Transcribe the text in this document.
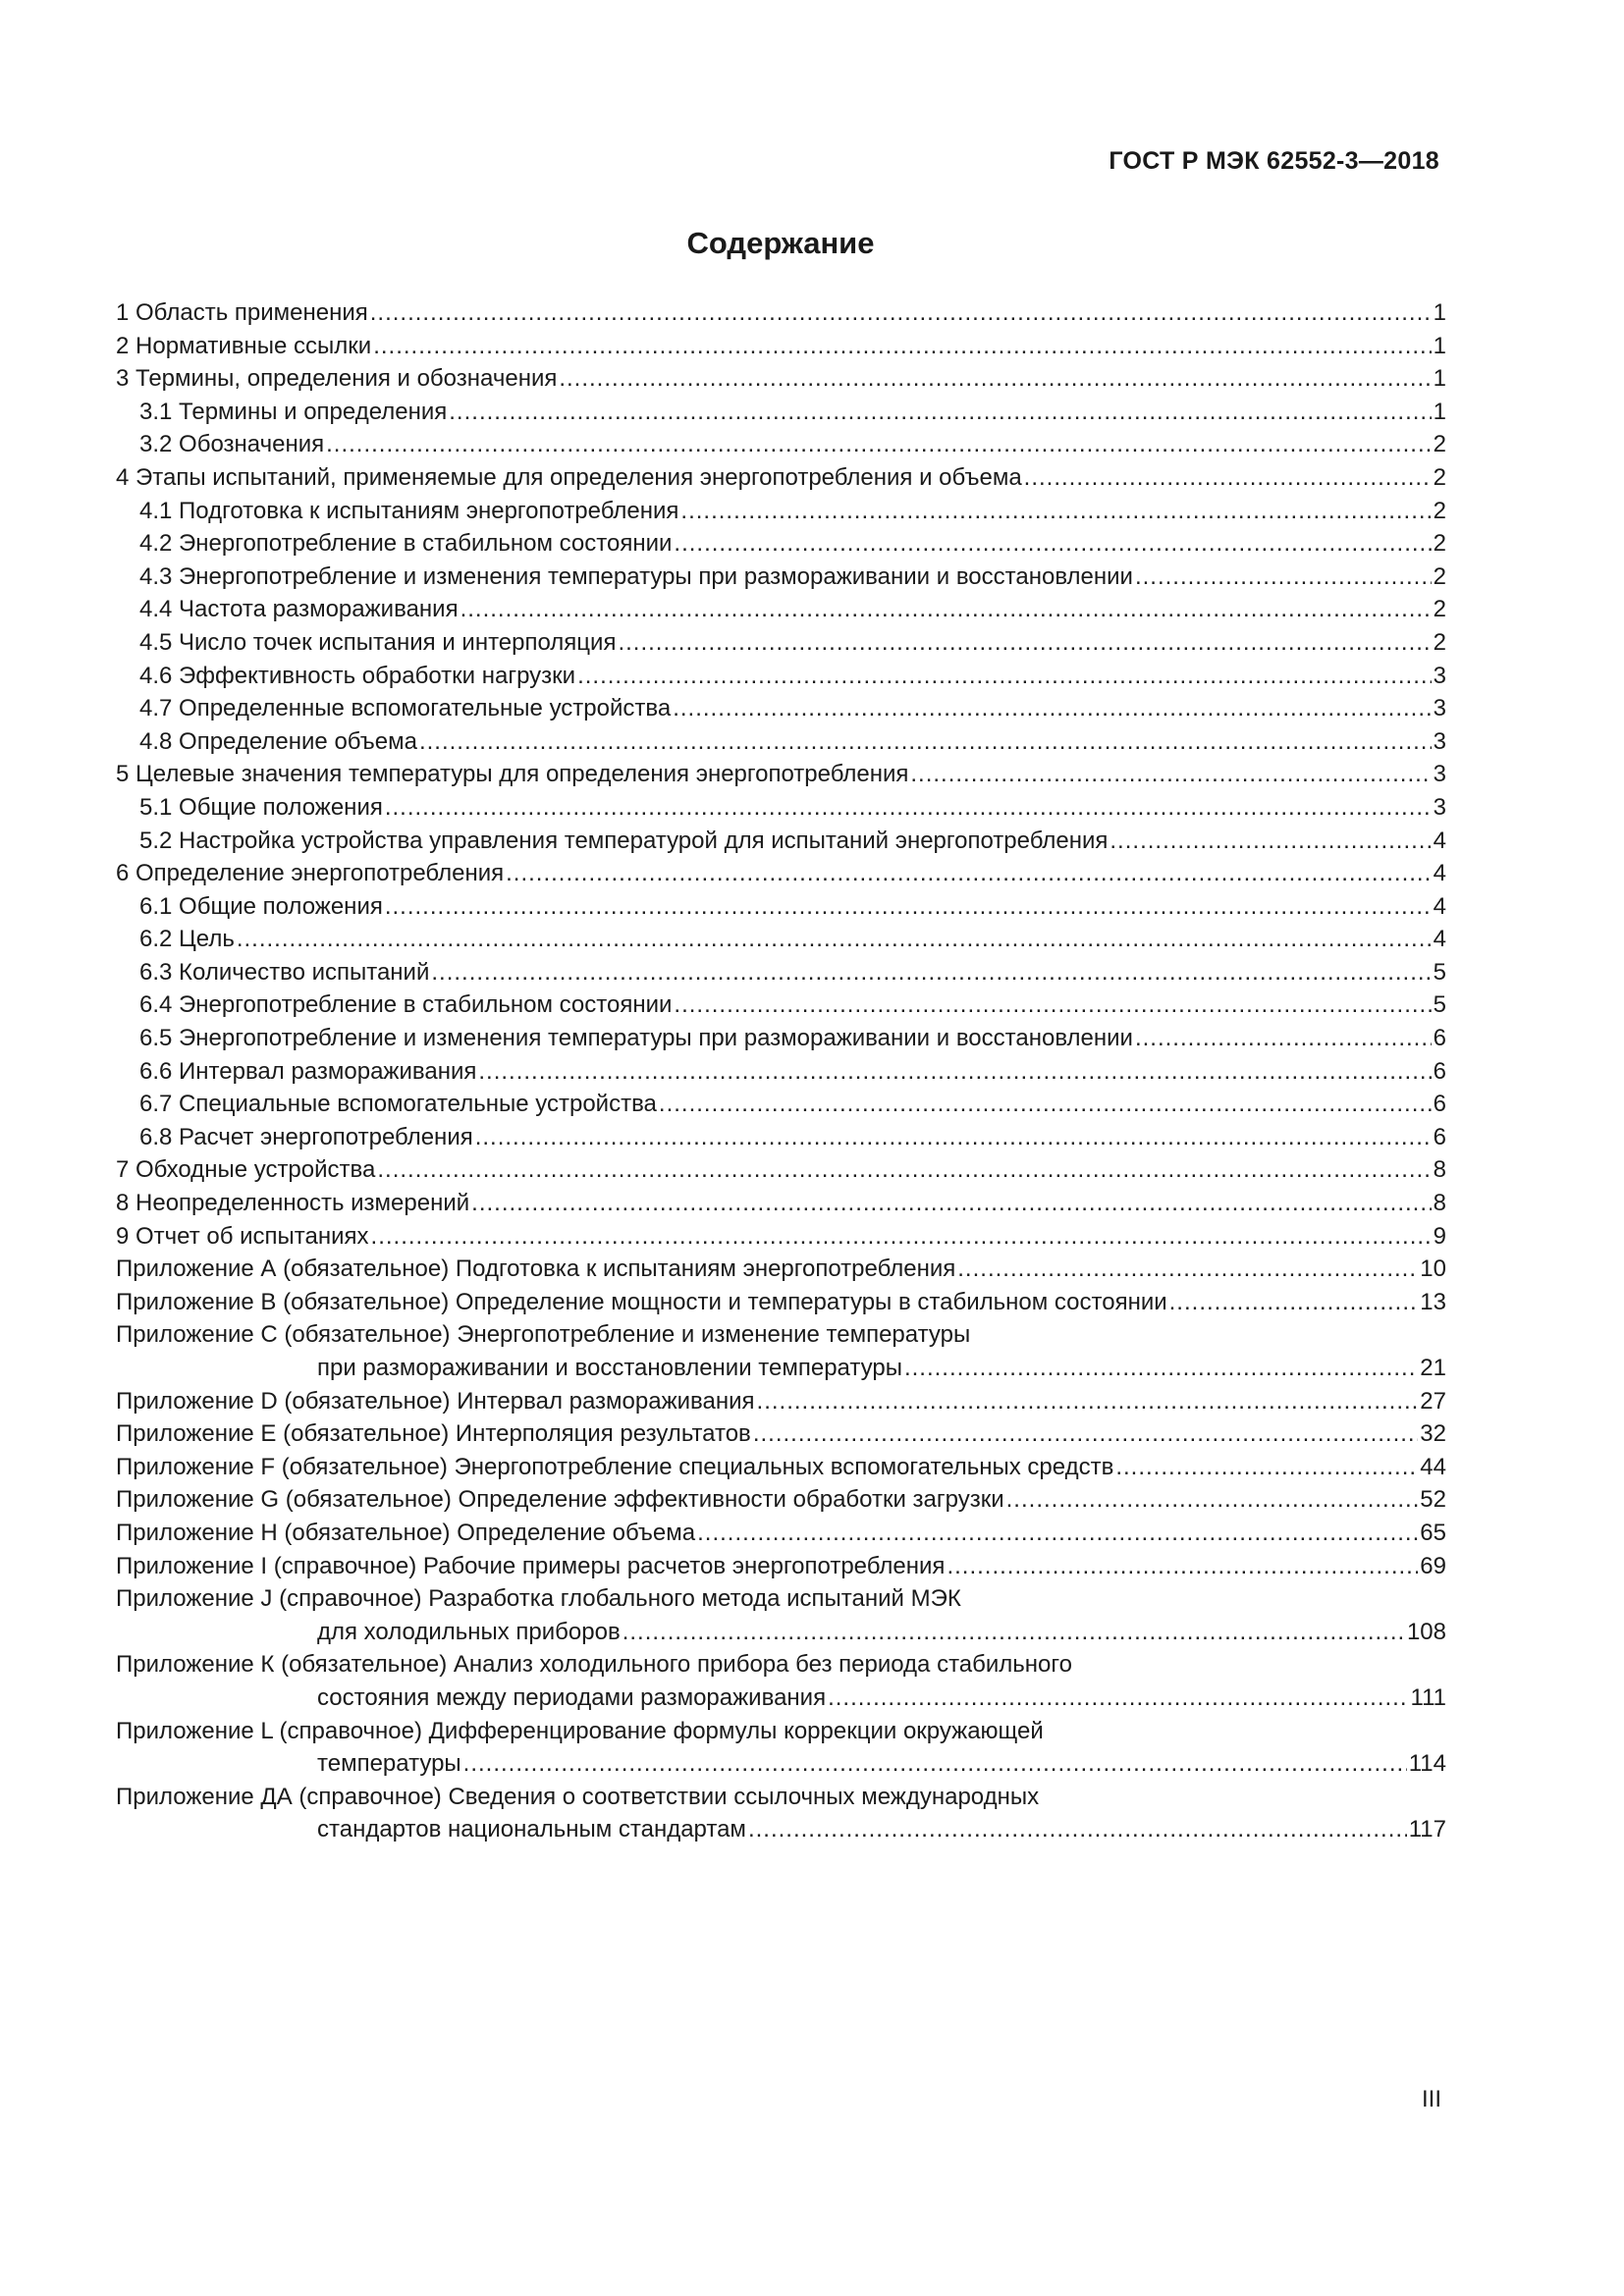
ГОСТ Р МЭК 62552-3—2018
Содержание
1 Область применения .....	1
2 Нормативные ссылки .....	1
3 Термины, определения и обозначения .....	1
3.1 Термины и определения .....	1
3.2 Обозначения .....	2
4 Этапы испытаний, применяемые для определения энергопотребления и объема .....	2
4.1 Подготовка к испытаниям энергопотребления .....	2
4.2 Энергопотребление в стабильном состоянии .....	2
4.3 Энергопотребление и изменения температуры при размораживании и восстановлении .....	2
4.4 Частота размораживания .....	2
4.5 Число точек испытания и интерполяция .....	2
4.6 Эффективность обработки нагрузки .....	3
4.7 Определенные вспомогательные устройства .....	3
4.8 Определение объема .....	3
5 Целевые значения температуры для определения энергопотребления .....	3
5.1 Общие положения .....	3
5.2 Настройка устройства управления температурой для испытаний энергопотребления .....	4
6 Определение энергопотребления .....	4
6.1 Общие положения .....	4
6.2 Цель .....	4
6.3 Количество испытаний .....	5
6.4 Энергопотребление в стабильном состоянии .....	5
6.5 Энергопотребление и изменения температуры при размораживании и восстановлении .....	6
6.6 Интервал размораживания .....	6
6.7 Специальные вспомогательные устройства .....	6
6.8 Расчет энергопотребления .....	6
7 Обходные устройства .....	8
8 Неопределенность измерений .....	8
9 Отчет об испытаниях .....	9
Приложение А (обязательное) Подготовка к испытаниям энергопотребления .....	10
Приложение В (обязательное) Определение мощности и температуры в стабильном состоянии .....	13
Приложение С (обязательное) Энергопотребление и изменение температуры
при размораживании и восстановлении температуры .....	21
Приложение D (обязательное) Интервал размораживания .....	27
Приложение Е (обязательное) Интерполяция результатов .....	32
Приложение F (обязательное) Энергопотребление специальных вспомогательных средств .....	44
Приложение G (обязательное) Определение эффективности обработки загрузки .....	52
Приложение Н (обязательное) Определение объема .....	65
Приложение I (справочное) Рабочие примеры расчетов энергопотребления .....	69
Приложение J (справочное) Разработка глобального метода испытаний МЭК
для холодильных приборов .....	108
Приложение К (обязательное) Анализ холодильного прибора без периода стабильного
состояния между периодами размораживания .....	111
Приложение L (справочное) Дифференцирование формулы коррекции окружающей
температуры .....	114
Приложение ДА (справочное) Сведения о соответствии ссылочных международных
стандартов национальным стандартам .....	117
III
